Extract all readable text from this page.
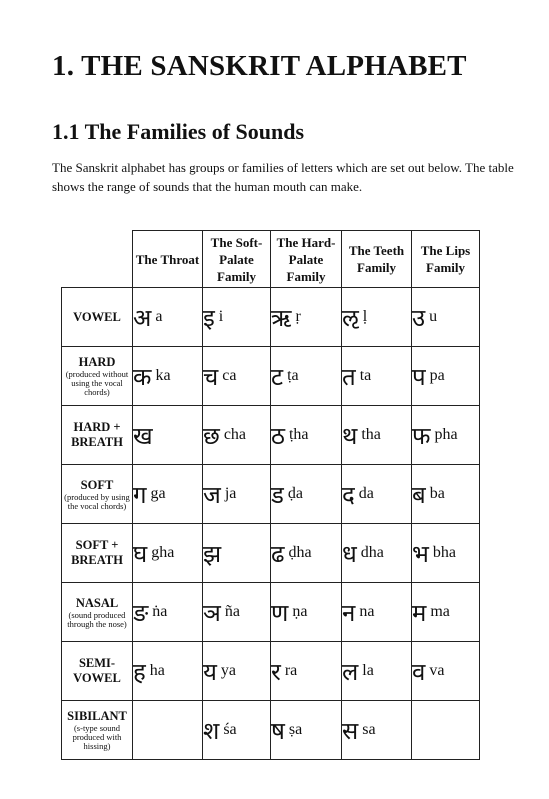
1. THE SANSKRIT ALPHABET
1.1 The Families of Sounds
The Sanskrit alphabet has groups or families of letters which are set out below. The table shows the range of sounds that the human mouth can make.
	The Throat	The Soft-Palate Family	The Hard-Palate Family	The Teeth Family	The Lips Family

VOWEL	अ a	इ i	ऋ ṛ	ऌ ḷ	उ u

HARD
(produced without using the vocal chords)	क ka	च ca	ट ṭa	त ta	प pa

HARD + BREATH	ख	छ cha	ठ ṭha	थ tha	फ pha

SOFT
(produced by using the vocal chords)	ग ga	ज ja	ड ḍa	द da	ब ba

SOFT + BREATH	घ gha	झ	ढ ḍha	ध dha	भ bha

NASAL
(sound produced through the nose)	ङ ṅa	ञ ña	ण ṇa	न na	म ma

SEMI-VOWEL	ह ha	य ya	र ra	ल la	व va

SIBILANT
(s-type sound produced with hissing)		श śa	ष ṣa	स sa	
